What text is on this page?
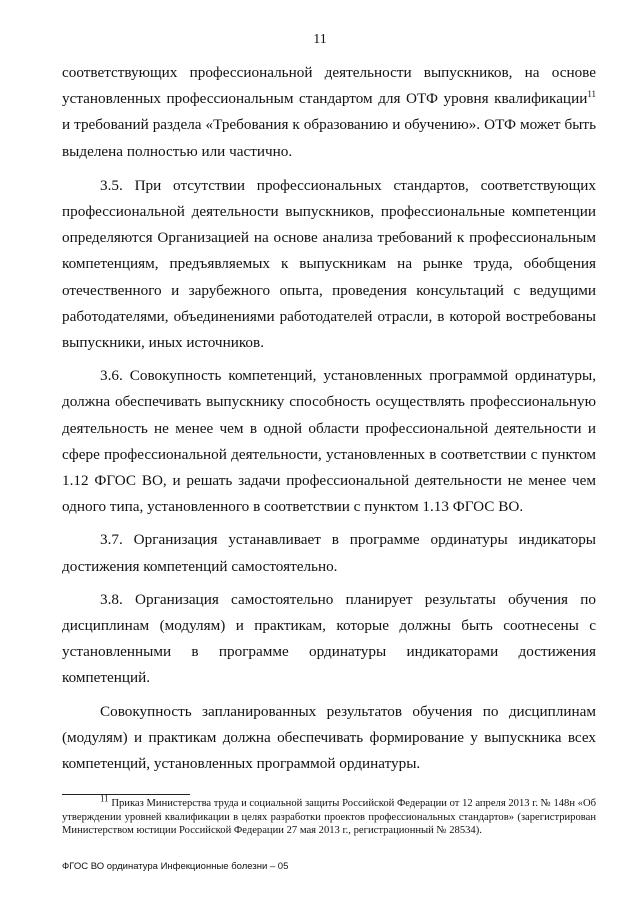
11

соответствующих профессиональной деятельности выпускников, на основе установленных профессиональным стандартом для ОТФ уровня квалификации$^{11}$ и требований раздела «Требования к образованию и обучению». ОТФ может быть выделена полностью или частично.

3.5. При отсутствии профессиональных стандартов, соответствующих профессиональной деятельности выпускников, профессиональные компетенции определяются Организацией на основе анализа требований к профессиональным компетенциям, предъявляемых к выпускникам на рынке труда, обобщения отечественного и зарубежного опыта, проведения консультаций с ведущими работодателями, объединениями работодателей отрасли, в которой востребованы выпускники, иных источников.

3.6. Совокупность компетенций, установленных программой ординатуры, должна обеспечивать выпускнику способность осуществлять профессиональную деятельность не менее чем в одной области профессиональной деятельности и сфере профессиональной деятельности, установленных в соответствии с пунктом 1.12 ФГОС ВО, и решать задачи профессиональной деятельности не менее чем одного типа, установленного в соответствии с пунктом 1.13 ФГОС ВО.

3.7. Организация устанавливает в программе ординатуры индикаторы достижения компетенций самостоятельно.

3.8. Организация самостоятельно планирует результаты обучения по дисциплинам (модулям) и практикам, которые должны быть соотнесены с установленными в программе ординатуры индикаторами достижения компетенций.

Совокупность запланированных результатов обучения по дисциплинам (модулям) и практикам должна обеспечивать формирование у выпускника всех компетенций, установленных программой ординатуры.

$^{11}$ Приказ Министерства труда и социальной защиты Российской Федерации от 12 апреля 2013 г. № 148н «Об утверждении уровней квалификации в целях разработки проектов профессиональных стандартов» (зарегистрирован Министерством юстиции Российской Федерации 27 мая 2013 г., регистрационный № 28534).
ФГОС ВО ординатура Инфекционные болезни – 05
